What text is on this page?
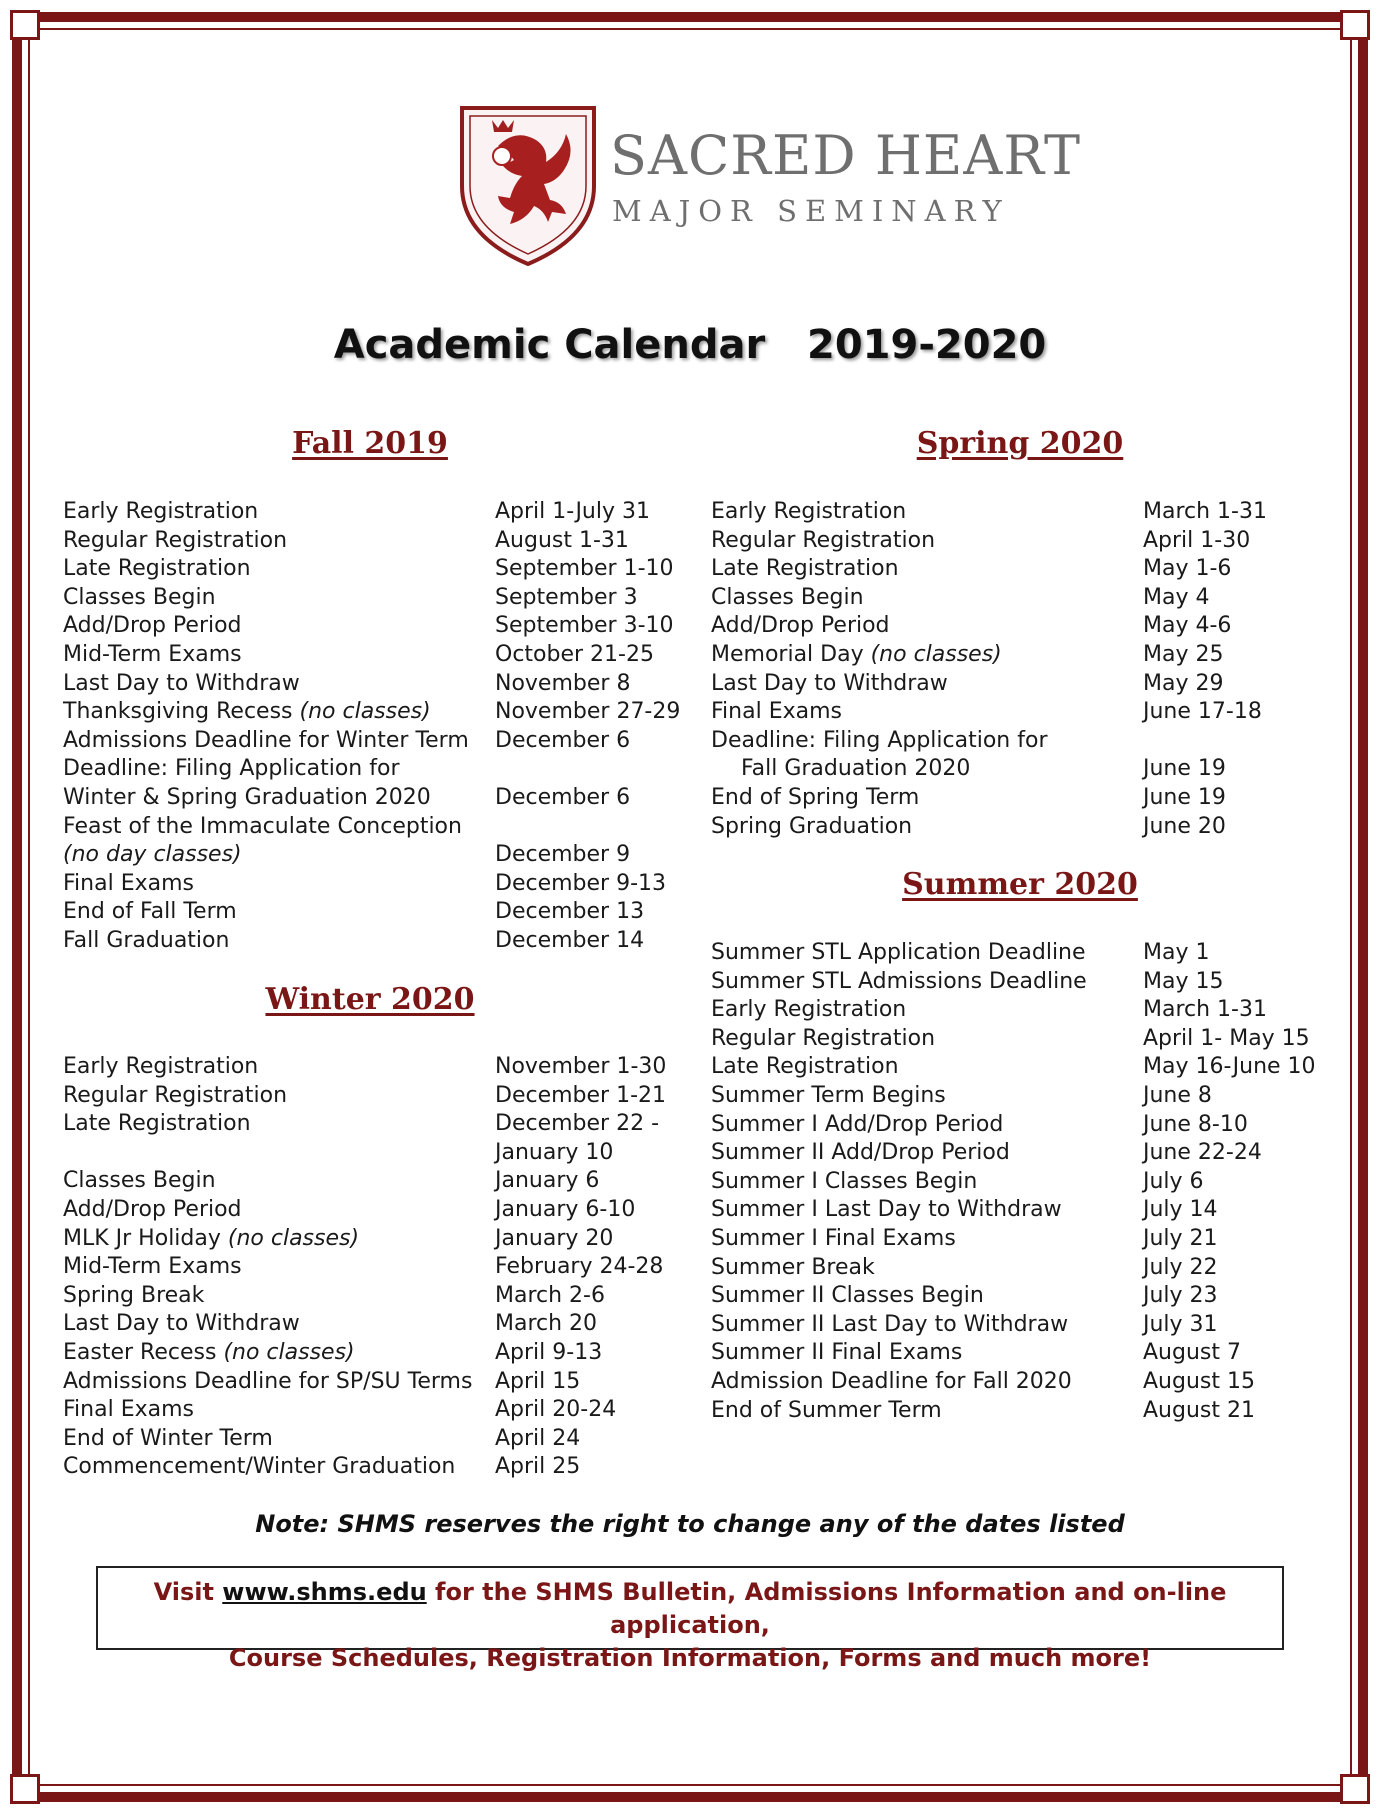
SACRED HEART
MAJOR SEMINARY
Academic Calendar   2019-2020
Fall 2019
Winter 2020
Spring 2020
Summer 2020
Early Registration	April 1-July 31
Regular Registration	August 1-31
Late Registration	September 1-10
Classes Begin	September 3
Add/Drop Period	September 3-10
Mid-Term Exams	October 21-25
Last Day to Withdraw	November 8
Thanksgiving Recess (no classes)	November 27-29
Admissions Deadline for Winter Term	December 6
Deadline: Filing Application for

Winter & Spring Graduation 2020	December 6
Feast of the Immaculate Conception

(no day classes)	December 9
Final Exams	December 9-13
End of Fall Term	December 13
Fall Graduation	December 14
Early Registration	November 1-30
Regular Registration	December 1-21
Late Registration	December 22 -
January 10
Classes Begin	January 6
Add/Drop Period	January 6-10
MLK Jr Holiday (no classes)	January 20
Mid-Term Exams	February 24-28
Spring Break	March 2-6
Last Day to Withdraw	March 20
Easter Recess (no classes)	April 9-13
Admissions Deadline for SP/SU Terms	April 15
Final Exams	April 20-24
End of Winter Term	April 24
Commencement/Winter Graduation	April 25
Early Registration	March 1-31
Regular Registration	April 1-30
Late Registration	May 1-6
Classes Begin	May 4
Add/Drop Period	May 4-6
Memorial Day (no classes)	May 25
Last Day to Withdraw	May 29
Final Exams	June 17-18
Deadline: Filing Application for

Fall Graduation 2020	June 19
End of Spring Term	June 19
Spring Graduation	June 20
Summer STL Application Deadline	May 1
Summer STL Admissions Deadline	May 15
Early Registration	March 1-31
Regular Registration	April 1- May 15
Late Registration	May 16-June 10
Summer Term Begins	June 8
Summer I Add/Drop Period	June 8-10
Summer II Add/Drop Period	June 22-24
Summer I Classes Begin	July 6
Summer I Last Day to Withdraw	July 14
Summer I Final Exams	July 21
Summer Break	July 22
Summer II Classes Begin	July 23
Summer II Last Day to Withdraw	July 31
Summer II Final Exams	August 7
Admission Deadline for Fall 2020	August 15
End of Summer Term	August 21
Note: SHMS reserves the right to change any of the dates listed
Visit www.shms.edu for the SHMS Bulletin, Admissions Information and on-line application,
Course Schedules, Registration Information, Forms and much more!
